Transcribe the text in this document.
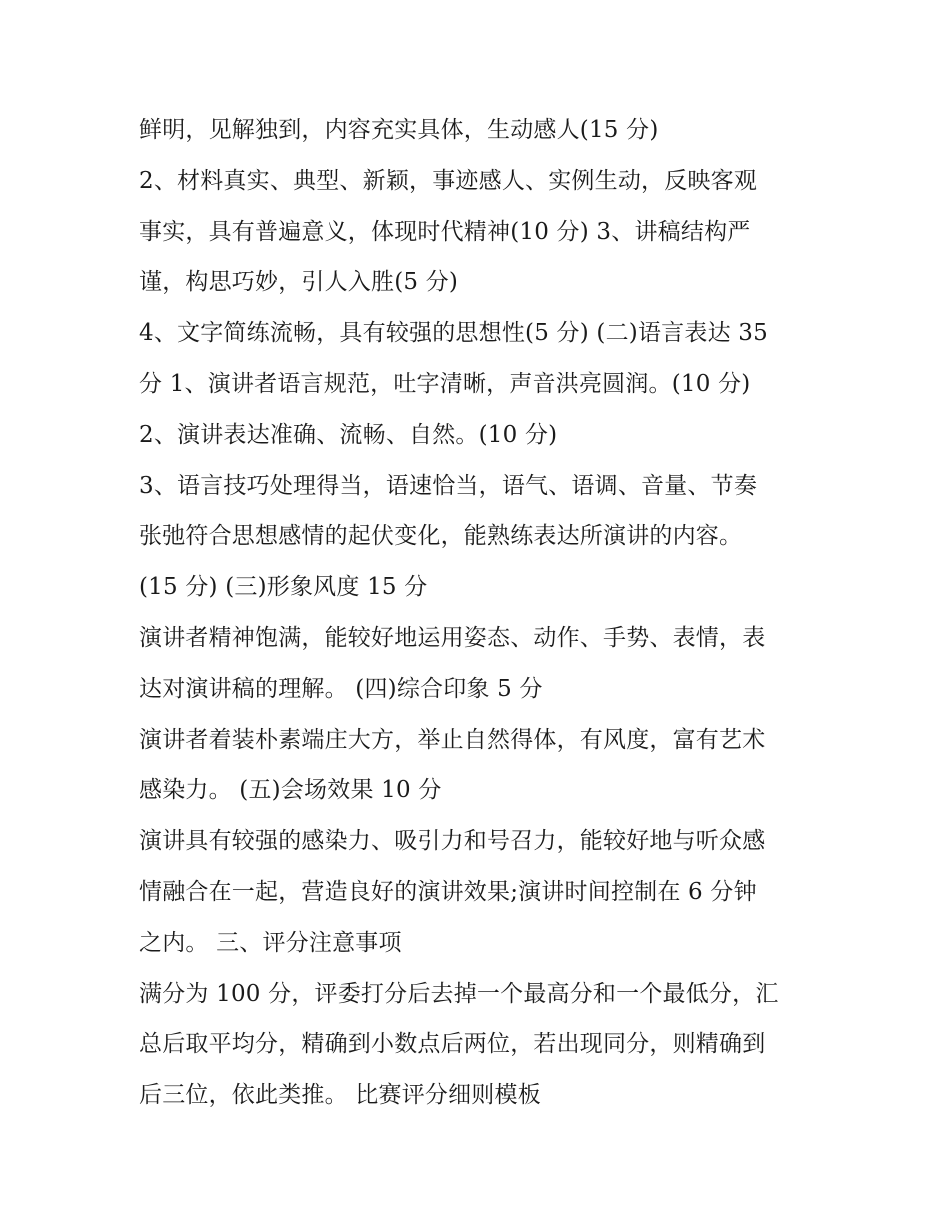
鲜明，见解独到，内容充实具体，生动感人(15 分)
2、材料真实、典型、新颖，事迹感人、实例生动，反映客观
事实，具有普遍意义，体现时代精神(10 分) 3、讲稿结构严
谨，构思巧妙，引人入胜(5 分)
4、文字简练流畅，具有较强的思想性(5 分) (二)语言表达 35
分 1、演讲者语言规范，吐字清晰，声音洪亮圆润。(10 分)
2、演讲表达准确、流畅、自然。(10 分)
3、语言技巧处理得当，语速恰当，语气、语调、音量、节奏
张弛符合思想感情的起伏变化，能熟练表达所演讲的内容。
(15 分) (三)形象风度 15 分
演讲者精神饱满，能较好地运用姿态、动作、手势、表情，表
达对演讲稿的理解。 (四)综合印象 5 分
演讲者着装朴素端庄大方，举止自然得体，有风度，富有艺术
感染力。 (五)会场效果 10 分
演讲具有较强的感染力、吸引力和号召力，能较好地与听众感
情融合在一起，营造良好的演讲效果;演讲时间控制在 6 分钟
之内。 三、评分注意事项
满分为 100 分，评委打分后去掉一个最高分和一个最低分，汇
总后取平均分，精确到小数点后两位，若出现同分，则精确到
后三位，依此类推。 比赛评分细则模板
